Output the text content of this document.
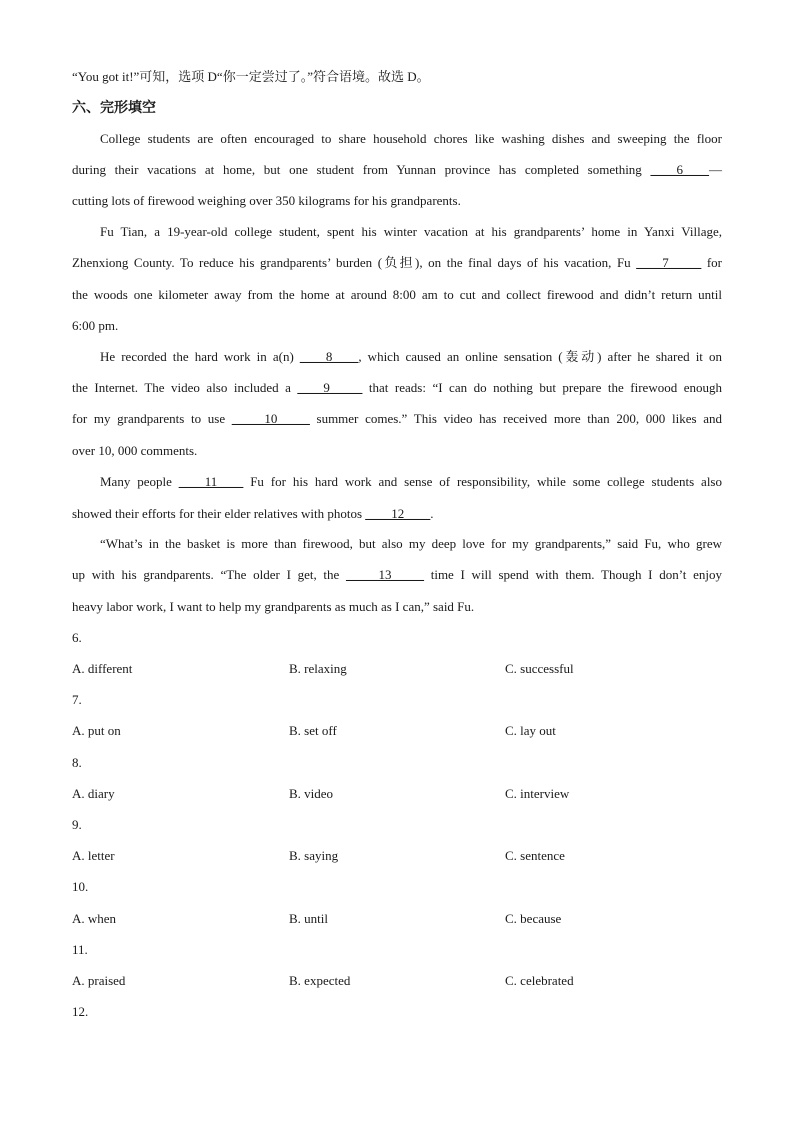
“You got it!”可知，选项 D“你一定尝过了。”符合语境。故选 D。
六、完形填空
College students are often encouraged to share household chores like washing dishes and sweeping the floor
during their vacations at home, but one student from Yunnan province has completed something ____6____—
cutting lots of firewood weighing over 350 kilograms for his grandparents.
Fu Tian, a 19-year-old college student, spent his winter vacation at his grandparents’ home in Yanxi Village,
Zhenxiong County. To reduce his grandparents’ burden (负担), on the final days of his vacation, Fu ____7_____ for
the woods one kilometer away from the home at around 8:00 am to cut and collect firewood and didn’t return until
6:00 pm.
He recorded the hard work in a(n) ____8____, which caused an online sensation (轰动) after he shared it on
the Internet. The video also included a ____9_____ that reads: “I can do nothing but prepare the firewood enough
for my grandparents to use _____10_____ summer comes.” This video has received more than 200, 000 likes and
over 10, 000 comments.
Many people ____11____ Fu for his hard work and sense of responsibility, while some college students also
showed their efforts for their elder relatives with photos ____12____.
“What’s in the basket is more than firewood, but also my deep love for my grandparents,” said Fu, who grew
up with his grandparents. “The older I get, the _____13_____ time I will spend with them. Though I don’t enjoy
heavy labor work, I want to help my grandparents as much as I can,” said Fu.
6.
A. different	B. relaxing	C. successful
7.
A. put on	B. set off	C. lay out
8.
A. diary	B. video	C. interview
9.
A. letter	B. saying	C. sentence
10.
A. when	B. until	C. because
11.
A. praised	B. expected	C. celebrated
12.
